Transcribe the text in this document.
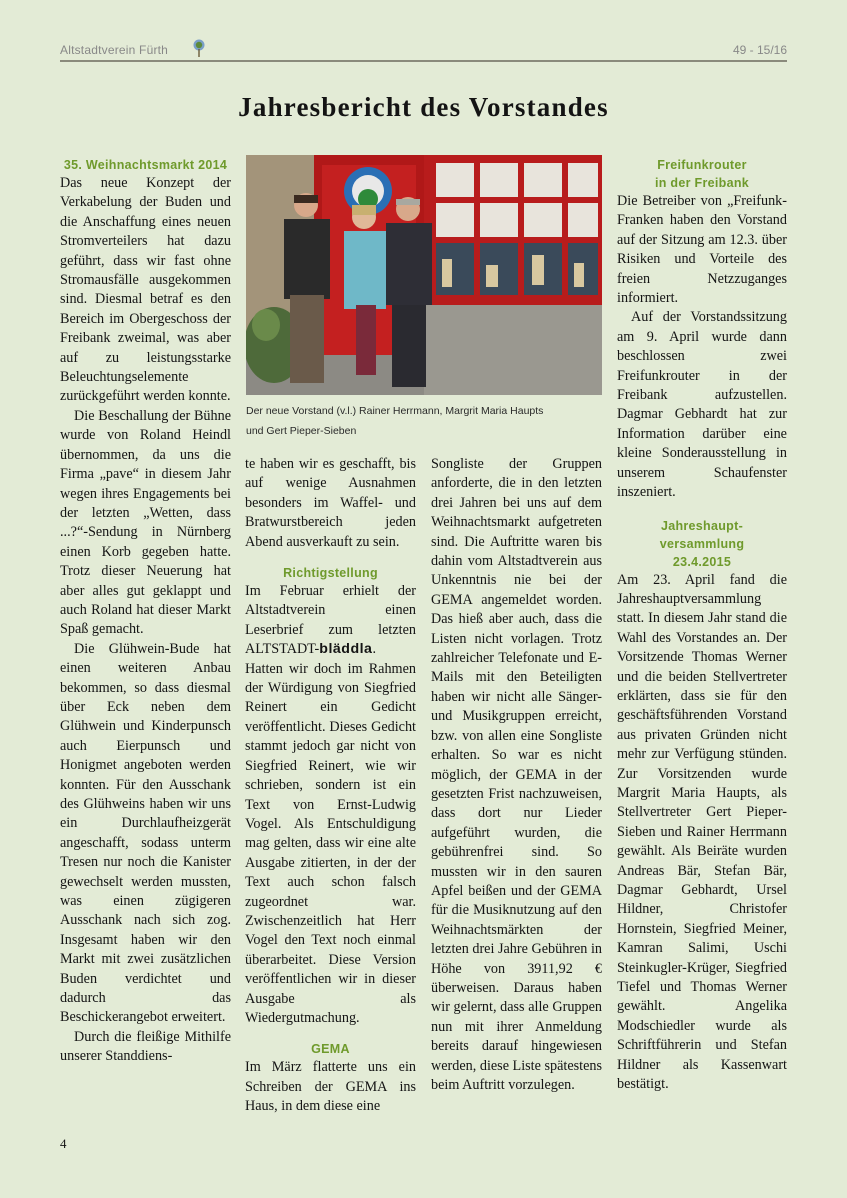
Altstadtverein Fürth	49 - 15/16
Jahresbericht des Vorstandes
35. Weihnachtsmarkt 2014

Das neue Konzept der Verkabelung der Buden und die Anschaffung eines neuen Stromverteilers hat dazu geführt, dass wir fast ohne Stromausfälle ausgekommen sind. Diesmal betraf es den Bereich im Obergeschoss der Freibank zweimal, was aber auf zu leistungsstarke Beleuchtungselemente zurückgeführt werden konnte.

Die Beschallung der Bühne wurde von Roland Heindl übernommen, da uns die Firma „pave“ in diesem Jahr wegen ihres Engagements bei der letzten „Wetten, dass ...?“-Sendung in Nürnberg einen Korb gegeben hatte. Trotz dieser Neuerung hat aber alles gut geklappt und auch Roland hat dieser Markt Spaß gemacht.

Die Glühwein-Bude hat einen weiteren Anbau bekommen, so dass diesmal über Eck neben dem Glühwein und Kinderpunsch auch Eierpunsch und Honigmet angeboten werden konnten. Für den Ausschank des Glühweins haben wir uns ein Durchlaufheizgerät angeschafft, sodass unterm Tresen nur noch die Kanister gewechselt werden mussten, was einen zügigeren Ausschank nach sich zog. Insgesamt haben wir den Markt mit zwei zusätzlichen Buden verdichtet und dadurch das Beschickerangebot erweitert.

Durch die fleißige Mithilfe unserer Standdiens-

Der neue Vorstand (v.l.) Rainer Herrmann, Margrit Maria Haupts
und Gert Pieper-Sieben

te haben wir es geschafft, bis auf wenige Ausnahmen besonders im Waffel- und Bratwurstbereich jeden Abend ausverkauft zu sein.

Richtigstellung

Im Februar erhielt der Altstadtverein einen Leserbrief zum letzten ALTSTADT-bläddla. Hatten wir doch im Rahmen der Würdigung von Siegfried Reinert ein Gedicht veröffentlicht. Dieses Gedicht stammt jedoch gar nicht von Siegfried Reinert, wie wir schrieben, sondern ist ein Text von Ernst-Ludwig Vogel. Als Entschuldigung mag gelten, dass wir eine alte Ausgabe zitierten, in der der Text auch schon falsch zugeordnet war. Zwischenzeitlich hat Herr Vogel den Text noch einmal überarbeitet. Diese Version veröffentlichen wir in dieser Ausgabe als Wiedergutmachung.

GEMA

Im März flatterte uns ein Schreiben der GEMA ins Haus, in dem diese eine

Songliste der Gruppen anforderte, die in den letzten drei Jahren bei uns auf dem Weihnachtsmarkt aufgetreten sind. Die Auftritte waren bis dahin vom Altstadtverein aus Unkenntnis nie bei der GEMA angemeldet worden. Das hieß aber auch, dass die Listen nicht vorlagen. Trotz zahlreicher Telefonate und E-Mails mit den Beteiligten haben wir nicht alle Sänger- und Musikgruppen erreicht, bzw. von allen eine Songliste erhalten. So war es nicht möglich, der GEMA in der gesetzten Frist nachzuweisen, dass dort nur Lieder aufgeführt wurden, die gebührenfrei sind. So mussten wir in den sauren Apfel beißen und der GEMA für die Musiknutzung auf den Weihnachtsmärkten der letzten drei Jahre Gebühren in Höhe von 3911,92 € überweisen. Daraus haben wir gelernt, dass alle Gruppen nun mit ihrer Anmeldung bereits darauf hingewiesen werden, diese Liste spätestens beim Auftritt vorzulegen.

Freifunkrouter
in der Freibank

Die Betreiber von „Freifunk-Franken haben den Vorstand auf der Sitzung am 12.3. über Risiken und Vorteile des freien Netzzuganges informiert.

Auf der Vorstandssitzung am 9. April wurde dann beschlossen zwei Freifunkrouter in der Freibank aufzustellen. Dagmar Gebhardt hat zur Information darüber eine kleine Sonderausstellung in unserem Schaufenster inszeniert.

Jahreshaupt-
versammlung
23.4.2015

Am 23. April fand die Jahreshauptversammlung statt. In diesem Jahr stand die Wahl des Vorstandes an. Der Vorsitzende Thomas Werner und die beiden Stellvertreter erklärten, dass sie für den geschäftsführenden Vorstand aus privaten Gründen nicht mehr zur Verfügung stünden. Zur Vorsitzenden wurde Margrit Maria Haupts, als Stellvertreter Gert Pieper-Sieben und Rainer Herrmann gewählt. Als Beiräte wurden Andreas Bär, Stefan Bär, Dagmar Gebhardt, Ursel Hildner, Christofer Hornstein, Siegfried Meiner, Kamran Salimi, Uschi Steinkugler-Krüger, Siegfried Tiefel und Thomas Werner gewählt. Angelika Modschiedler wurde als Schriftführerin und Stefan Hildner als Kassenwart bestätigt.

4
